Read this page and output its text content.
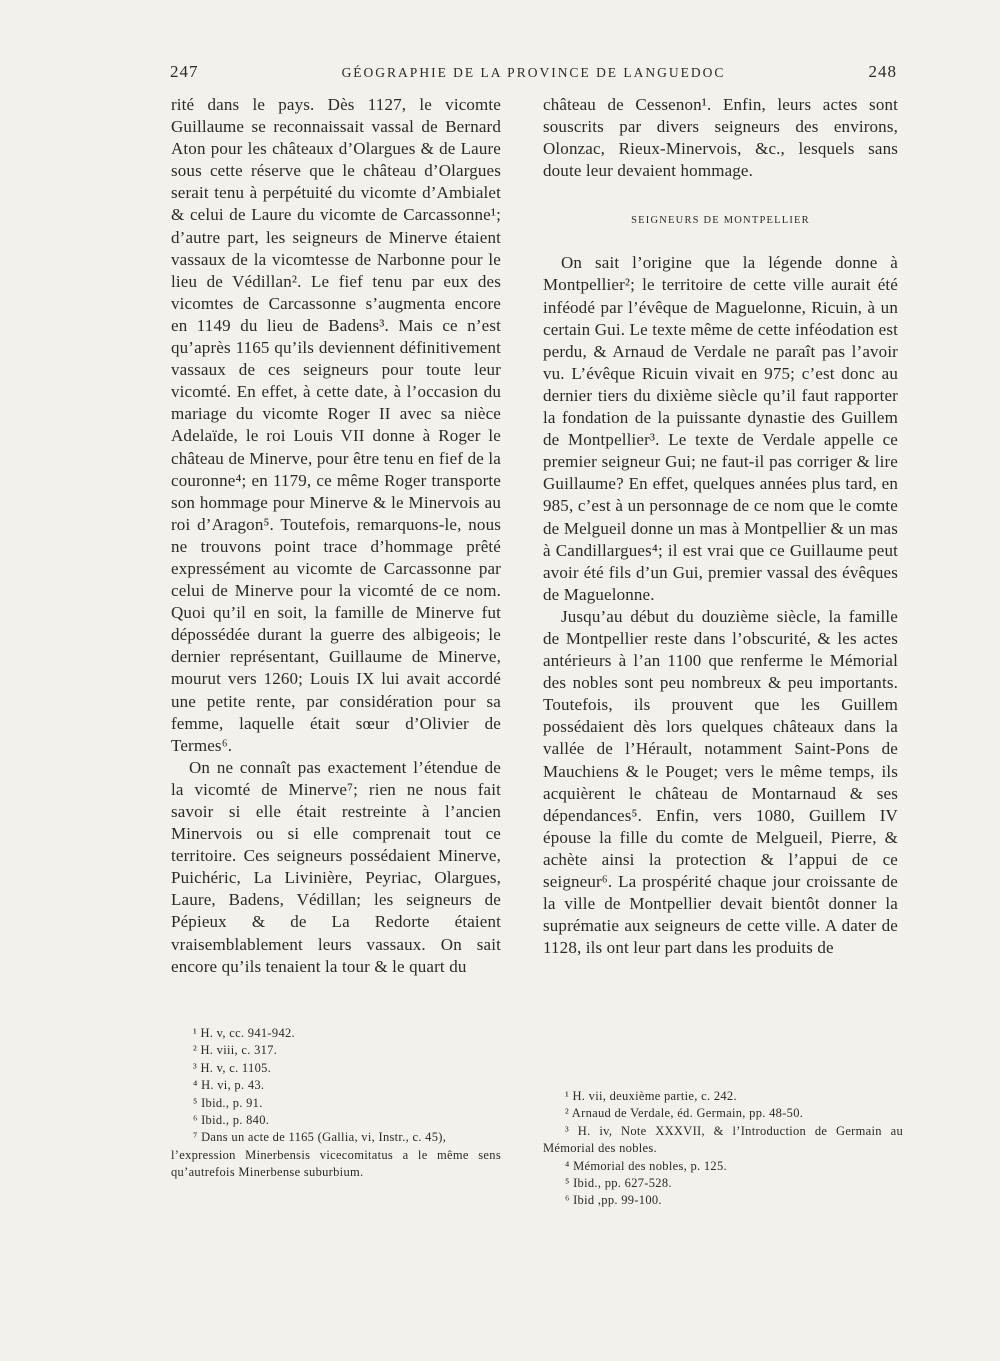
247	GÉOGRAPHIE DE LA PROVINCE DE LANGUEDOC	248

rité dans le pays. Dès 1127, le vicomte Guillaume se reconnaissait vassal de Bernard Aton pour les châteaux d’Olargues & de Laure sous cette réserve que le château d’Olargues serait tenu à perpétuité du vicomte d’Ambialet & celui de Laure du vicomte de Carcassonne¹; d’autre part, les seigneurs de Minerve étaient vassaux de la vicomtesse de Narbonne pour le lieu de Védillan². Le fief tenu par eux des vicomtes de Carcassonne s’augmenta encore en 1149 du lieu de Badens³. Mais ce n’est qu’après 1165 qu’ils deviennent définitivement vassaux de ces seigneurs pour toute leur vicomté. En effet, à cette date, à l’occasion du mariage du vicomte Roger II avec sa nièce Adelaïde, le roi Louis VII donne à Roger le château de Minerve, pour être tenu en fief de la couronne⁴; en 1179, ce même Roger transporte son hommage pour Minerve & le Minervois au roi d’Aragon⁵. Toutefois, remarquons-le, nous ne trouvons point trace d’hommage prêté expressément au vicomte de Carcassonne par celui de Minerve pour la vicomté de ce nom. Quoi qu’il en soit, la famille de Minerve fut dépossédée durant la guerre des albigeois; le dernier représentant, Guillaume de Minerve, mourut vers 1260; Louis IX lui avait accordé une petite rente, par considération pour sa femme, laquelle était sœur d’Olivier de Termes⁶.

On ne connaît pas exactement l’étendue de la vicomté de Minerve⁷; rien ne nous fait savoir si elle était restreinte à l’ancien Minervois ou si elle comprenait tout ce territoire. Ces seigneurs possédaient Minerve, Puichéric, La Livinière, Peyriac, Olargues, Laure, Badens, Védillan; les seigneurs de Pépieux & de La Redorte étaient vraisemblablement leurs vassaux. On sait encore qu’ils tenaient la tour & le quart du

château de Cessenon¹. Enfin, leurs actes sont souscrits par divers seigneurs des environs, Olonzac, Rieux-Minervois, &c., lesquels sans doute leur devaient hommage.

SEIGNEURS DE MONTPELLIER

On sait l’origine que la légende donne à Montpellier²; le territoire de cette ville aurait été inféodé par l’évêque de Maguelonne, Ricuin, à un certain Gui. Le texte même de cette inféodation est perdu, & Arnaud de Verdale ne paraît pas l’avoir vu. L’évêque Ricuin vivait en 975; c’est donc au dernier tiers du dixième siècle qu’il faut rapporter la fondation de la puissante dynastie des Guillem de Montpellier³. Le texte de Verdale appelle ce premier seigneur Gui; ne faut-il pas corriger & lire Guillaume? En effet, quelques années plus tard, en 985, c’est à un personnage de ce nom que le comte de Melgueil donne un mas à Montpellier & un mas à Candillargues⁴; il est vrai que ce Guillaume peut avoir été fils d’un Gui, premier vassal des évêques de Maguelonne.

Jusqu’au début du douzième siècle, la famille de Montpellier reste dans l’obscurité, & les actes antérieurs à l’an 1100 que renferme le Mémorial des nobles sont peu nombreux & peu importants. Toutefois, ils prouvent que les Guillem possédaient dès lors quelques châteaux dans la vallée de l’Hérault, notamment Saint-Pons de Mauchiens & le Pouget; vers le même temps, ils acquièrent le château de Montarnaud & ses dépendances⁵. Enfin, vers 1080, Guillem IV épouse la fille du comte de Melgueil, Pierre, & achète ainsi la protection & l’appui de ce seigneur⁶. La prospérité chaque jour croissante de la ville de Montpellier devait bientôt donner la suprématie aux seigneurs de cette ville. A dater de 1128, ils ont leur part dans les produits de

¹ H. v, cc. 941-942.
² H. viii, c. 317.
³ H. v, c. 1105.
⁴ H. vi, p. 43.
⁵ Ibid., p. 91.
⁶ Ibid., p. 840.
⁷ Dans un acte de 1165 (Gallia, vi, Instr., c. 45),
l’expression Minerbensis vicecomitatus a le même sens qu’autrefois Minerbense suburbium.
¹ H. vii, deuxième partie, c. 242.
² Arnaud de Verdale, éd. Germain, pp. 48-50.
³ H. iv, Note XXXVII, & l’Introduction de Germain au Mémorial des nobles.
⁴ Mémorial des nobles, p. 125.
⁵ Ibid., pp. 627-528.
⁶ Ibid ,pp. 99-100.
